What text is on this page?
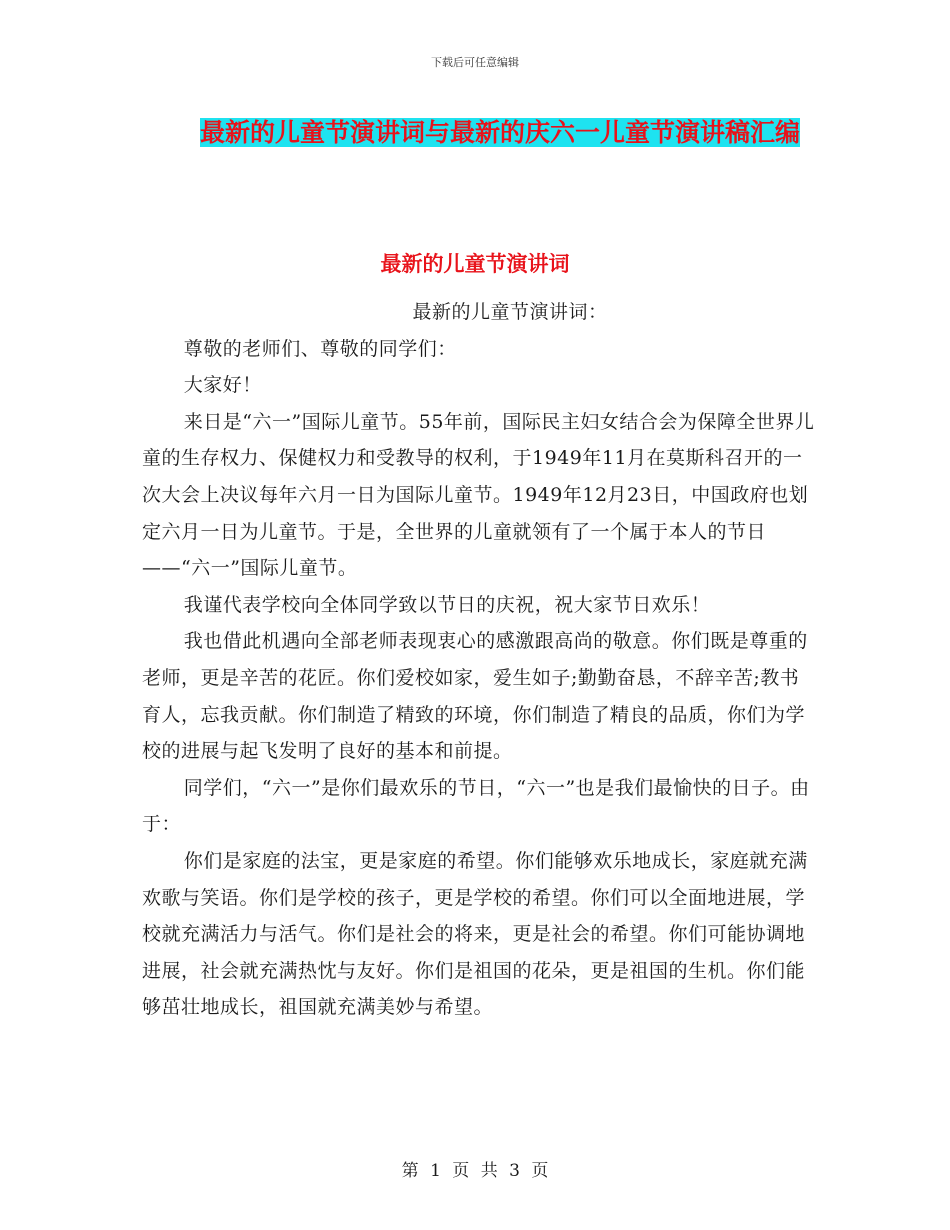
下载后可任意编辑
最新的儿童节演讲词与最新的庆六一儿童节演讲稿汇编
最新的儿童节演讲词

最新的儿童节演讲词：

尊敬的老师们、尊敬的同学们：

大家好！

来日是“六一”国际儿童节。55年前，国际民主妇女结合会为保障全世界儿童的生存权力、保健权力和受教导的权利，于1949年11月在莫斯科召开的一次大会上决议每年六月一日为国际儿童节。1949年12月23日，中国政府也划定六月一日为儿童节。于是，全世界的儿童就领有了一个属于本人的节日——“六一”国际儿童节。

我谨代表学校向全体同学致以节日的庆祝，祝大家节日欢乐！

我也借此机遇向全部老师表现衷心的感激跟高尚的敬意。你们既是尊重的老师，更是辛苦的花匠。你们爱校如家，爱生如子;勤勤奋恳，不辞辛苦;教书育人，忘我贡献。你们制造了精致的环境，你们制造了精良的品质，你们为学校的进展与起飞发明了良好的基本和前提。

同学们，“六一”是你们最欢乐的节日，“六一”也是我们最愉快的日子。由于：

你们是家庭的法宝，更是家庭的希望。你们能够欢乐地成长，家庭就充满欢歌与笑语。你们是学校的孩子，更是学校的希望。你们可以全面地进展，学校就充满活力与活气。你们是社会的将来，更是社会的希望。你们可能协调地进展，社会就充满热忱与友好。你们是祖国的花朵，更是祖国的生机。你们能够茁壮地成长，祖国就充满美妙与希望。

第 1 页 共 3 页
